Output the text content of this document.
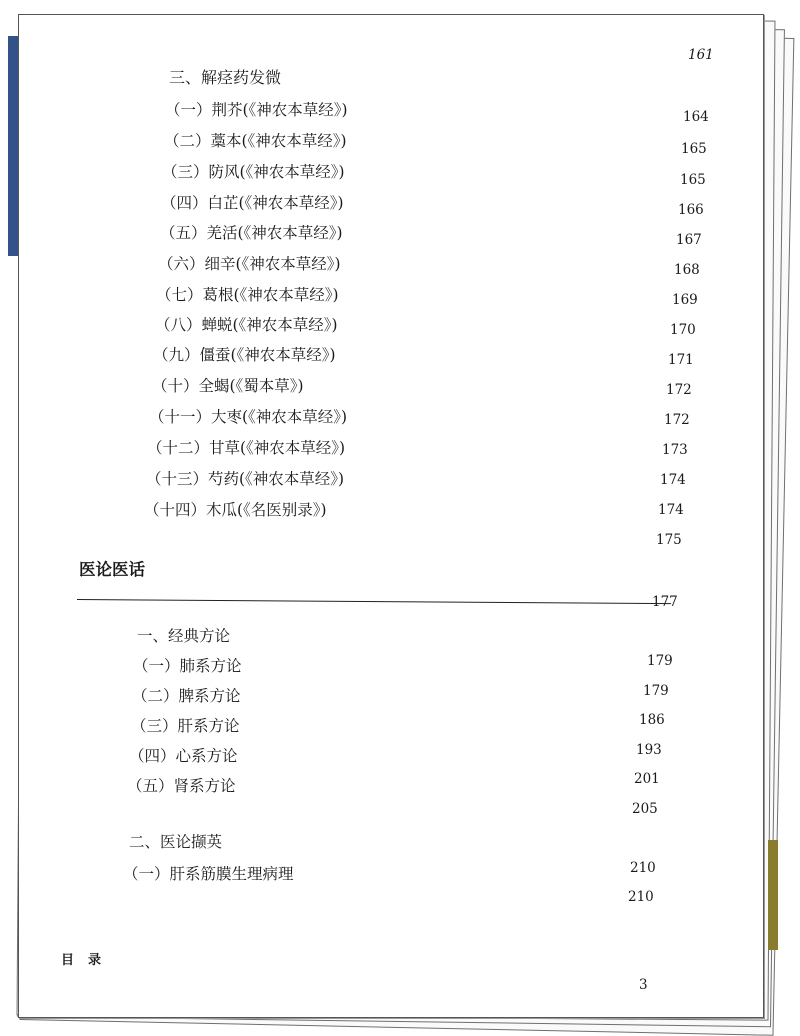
161
三、解痉药发微
164
（一）荆芥(《神农本草经》)
165
（二）藁本(《神农本草经》)
165
（三）防风(《神农本草经》)
166
（四）白芷(《神农本草经》)
167
（五）羌活(《神农本草经》)
168
（六）细辛(《神农本草经》)
169
（七）葛根(《神农本草经》)
170
（八）蝉蜕(《神农本草经》)
171
（九）僵蚕(《神农本草经》)
172
（十）全蝎(《蜀本草》)
172
（十一）大枣(《神农本草经》)
173
（十二）甘草(《神农本草经》)
174
（十三）芍药(《神农本草经》)
174
（十四）木瓜(《名医别录》)
175
医论医话
177
一、经典方论
179
（一）肺系方论
179
（二）脾系方论
186
（三）肝系方论
193
（四）心系方论
201
（五）肾系方论
205
二、医论撷英
210
（一）肝系筋膜生理病理
210
目录
3
